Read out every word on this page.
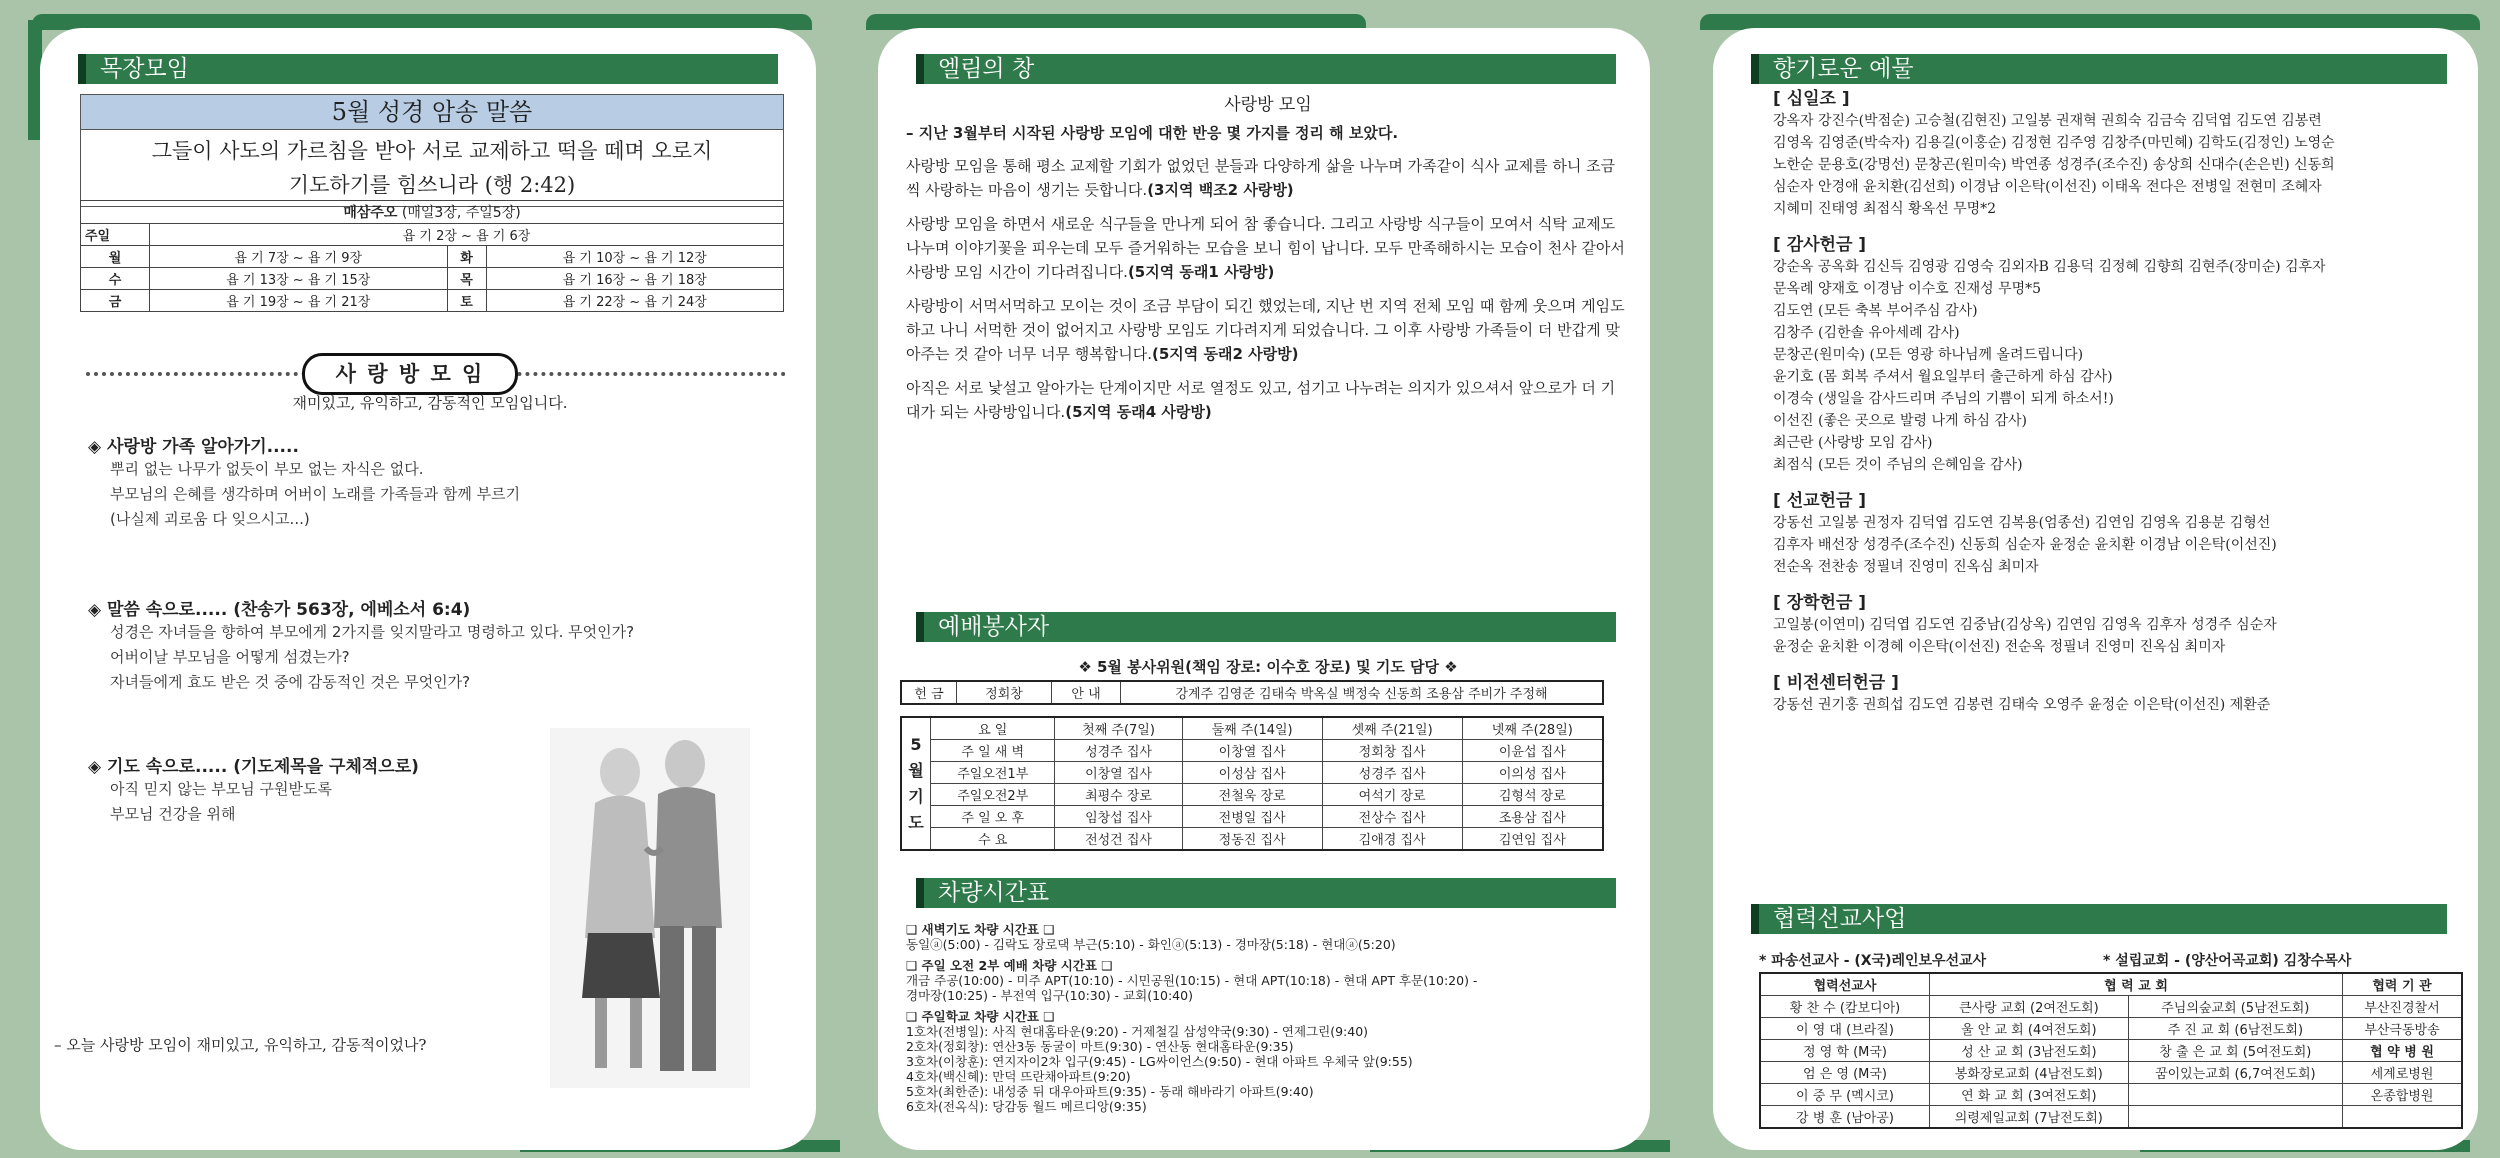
목장모임
5월 성경 암송 말씀
그들이 사도의 가르침을 받아 서로 교제하고 떡을 떼며 오로지
기도하기를 힘쓰니라 (행 2:42)
매삼주오 (매일3장, 주일5장)			
주일	욥 기 2장 ~ 욥 기 6장		
월	욥 기 7장 ~ 욥 기 9장	화	욥 기 10장 ~ 욥 기 12장
수	욥 기 13장 ~ 욥 기 15장	목	욥 기 16장 ~ 욥 기 18장
금	욥 기 19장 ~ 욥 기 21장	토	욥 기 22장 ~ 욥 기 24장
사 랑 방 모 임
재미있고, 유익하고, 감동적인 모임입니다.
◈ 사랑방 가족 알아가기.....
뿌리 없는 나무가 없듯이 부모 없는 자식은 없다.
부모님의 은혜를 생각하며 어버이 노래를 가족들과 함께 부르기
(나실제 괴로움 다 잊으시고...)
◈ 말씀 속으로..... (찬송가 563장, 에베소서 6:4)
성경은 자녀들을 향하여 부모에게 2가지를 잊지말라고 명령하고 있다. 무엇인가?
어버이날 부모님을 어떻게 섬겼는가?
자녀들에게 효도 받은 것 중에 감동적인 것은 무엇인가?
◈ 기도 속으로..... (기도제목을 구체적으로)
아직 믿지 않는 부모님 구원받도록
부모님 건강을 위해
– 오늘 사랑방 모임이 재미있고, 유익하고, 감동적이었나?
엘림의 창
사랑방 모임
– 지난 3월부터 시작된 사랑방 모임에 대한 반응 몇 가지를 정리 해 보았다.

사랑방 모임을 통해 평소 교제할 기회가 없었던 분들과 다양하게 삶을 나누며 가족같이 식사 교제를 하니 조금씩 사랑하는 마음이 생기는 듯합니다.(3지역 백조2 사랑방)

사랑방 모임을 하면서 새로운 식구들을 만나게 되어 참 좋습니다. 그리고 사랑방 식구들이 모여서 식탁 교제도 나누며 이야기꽃을 피우는데 모두 즐거워하는 모습을 보니 힘이 납니다. 모두 만족해하시는 모습이 천사 같아서 사랑방 모임 시간이 기다려집니다.(5지역 동래1 사랑방)

사랑방이 서먹서먹하고 모이는 것이 조금 부담이 되긴 했었는데, 지난 번 지역 전체 모임 때 함께 웃으며 게임도 하고 나니 서먹한 것이 없어지고 사랑방 모임도 기다려지게 되었습니다. 그 이후 사랑방 가족들이 더 반갑게 맞아주는 것 같아 너무 너무 행복합니다.(5지역 동래2 사랑방)

아직은 서로 낯설고 알아가는 단계이지만 서로 열정도 있고, 섬기고 나누려는 의지가 있으셔서 앞으로가 더 기대가 되는 사랑방입니다.(5지역 동래4 사랑방)

예배봉사자
❖ 5월 봉사위원(책임 장로: 이수호 장로) 및 기도 담당 ❖
헌 금	정회창	안 내	강계주 김영준 김태숙 박옥실 백정숙 신동희 조용삼 주비가 주정해
5
월
기
도	요 일	첫째 주(7일)	둘째 주(14일)	셋째 주(21일)	넷째 주(28일)
	주 일 새 벽	성경주 집사	이창열 집사	정회창 집사	이윤섭 집사
	주일오전1부	이창열 집사	이성삼 집사	성경주 집사	이의성 집사
	주일오전2부	최평수 장로	전철욱 장로	여석기 장로	김형석 장로
	주 일 오 후	임창섭 집사	전병일 집사	전상수 집사	조용삼 집사
	수 요	전성건 집사	정동진 집사	김애경 집사	김연임 집사
차량시간표
❑ 새벽기도 차량 시간표 ❑
동일ⓐ(5:00) - 김락도 장로댁 부근(5:10) - 화인ⓐ(5:13) - 경마장(5:18) - 현대ⓐ(5:20)
❑ 주일 오전 2부 예배 차량 시간표 ❑
개금 주공(10:00) - 미주 APT(10:10) - 시민공원(10:15) - 현대 APT(10:18) - 현대 APT 후문(10:20) -
경마장(10:25) - 부전역 입구(10:30) - 교회(10:40)
❑ 주일학교 차량 시간표 ❑
1호차(전병일): 사직 현대홈타운(9:20) - 거제철길 삼성약국(9:30) - 연제그린(9:40)
2호차(정회창): 연산3동 동굴이 마트(9:30) - 연산동 현대홈타운(9:35)
3호차(이창훈): 연지자이2차 입구(9:45) - LG싸이언스(9:50) - 현대 아파트 우체국 앞(9:55)
4호차(백신혜): 만덕 뜨란채아파트(9:20)
5호차(최한준): 내성중 뒤 대우아파트(9:35) - 동래 해바라기 아파트(9:40)
6호차(전옥식): 당감동 월드 메르디앙(9:35)
향기로운 예물
[ 십일조 ]
강옥자 강진수(박점순) 고승철(김현진) 고일봉 권재혁 권희숙 김금숙 김덕엽 김도연 김봉련
김영옥 김영준(박숙자) 김용길(이홍순) 김정현 김주영 김창주(마민혜) 김학도(김정인) 노영순
노한순 문용호(강명선) 문창곤(원미숙) 박연종 성경주(조수진) 송상희 신대수(손은빈) 신동희
심순자 안경애 윤치환(김선희) 이경남 이은탁(이선진) 이태옥 전다은 전병일 전현미 조혜자
지혜미 진태영 최점식 황옥선 무명*2
[ 감사헌금 ]
강순옥 공옥화 김신득 김영광 김영숙 김외자B 김용덕 김정혜 김향희 김현주(장미순) 김후자
문옥례 양재호 이경남 이수호 진재성 무명*5
김도연 (모든 축복 부어주심 감사)
김창주 (김한솔 유아세례 감사)
문창곤(원미숙) (모든 영광 하나님께 올려드립니다)
윤기호 (몸 회복 주셔서 월요일부터 출근하게 하심 감사)
이경숙 (생일을 감사드리며 주님의 기쁨이 되게 하소서!)
이선진 (좋은 곳으로 발령 나게 하심 감사)
최근란 (사랑방 모임 감사)
최점식 (모든 것이 주님의 은혜임을 감사)
[ 선교헌금 ]
강동선 고일봉 권정자 김덕엽 김도연 김복용(엄종선) 김연임 김영옥 김용분 김형선
김후자 배선장 성경주(조수진) 신동희 심순자 윤정순 윤치환 이경남 이은탁(이선진)
전순옥 전찬송 정필녀 진영미 진옥심 최미자
[ 장학헌금 ]
고일봉(이연미) 김덕엽 김도연 김중남(김상옥) 김연임 김영옥 김후자 성경주 심순자
윤정순 윤치환 이경혜 이은탁(이선진) 전순옥 정필녀 진영미 진옥심 최미자
[ 비전센터헌금 ]
강동선 권기홍 권희섭 김도연 김봉련 김태숙 오영주 윤정순 이은탁(이선진) 제환준
협력선교사업
* 파송선교사 - (X국)레인보우선교사	* 설립교회 - (양산어곡교회) 김창수목사
협력선교사	협 력 교 회		협력 기 관
황 찬 수 (캄보디아)	큰사랑 교회 (2여전도회)	주님의숲교회 (5남전도회)	부산진경찰서
이 영 대 (브라질)	울 안 교 회 (4여전도회)	주 진 교 회 (6남전도회)	부산극동방송
정 영 학 (M국)	성 산 교 회 (3남전도회)	창 출 은 교 회 (5여전도회)	협 약 병 원
엄 은 영 (M국)	봉화장로교회 (4남전도회)	꿈이있는교회 (6,7여전도회)	세계로병원
이 중 무 (멕시코)	연 화 교 회 (3여전도회)		온종합병원
강 병 훈 (남아공)	의령제일교회 (7남전도회)		
